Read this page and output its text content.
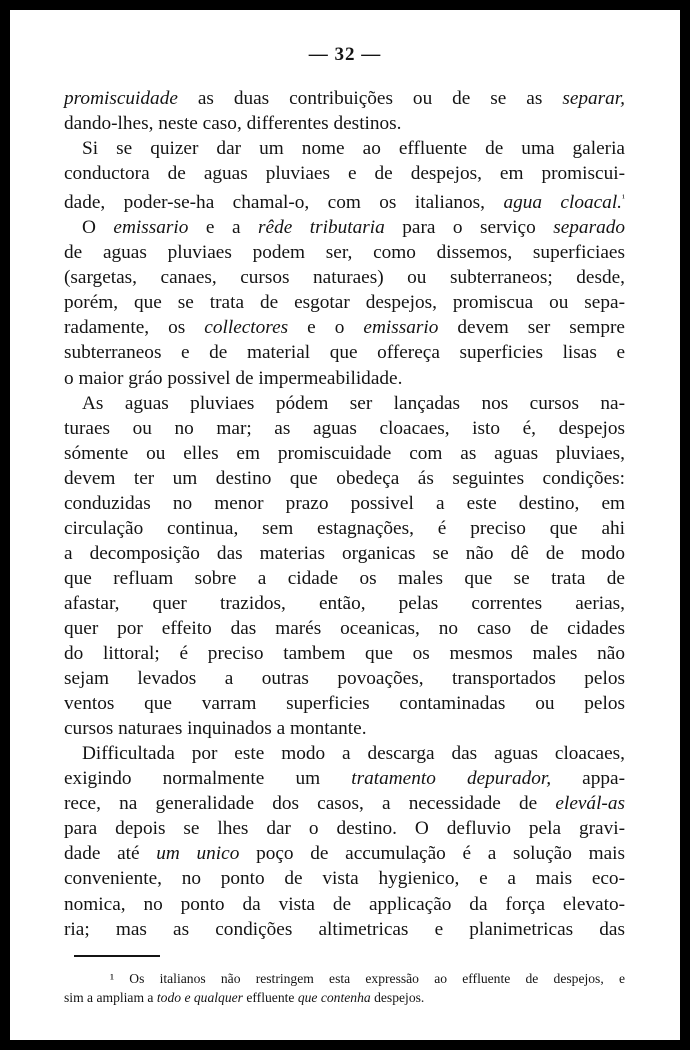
— 32 —
promiscuidade as duas contribuições ou de se as separar,
dando-lhes, neste caso, differentes destinos.
Si se quizer dar um nome ao effluente de uma galeria
conductora de aguas pluviaes e de despejos, em promiscui-
dade, poder-se-ha chamal-o, com os italianos, agua cloacal.$^{^1}$
O emissario e a rêde tributaria para o serviço separado
de aguas pluviaes podem ser, como dissemos, superficiaes
(sargetas, canaes, cursos naturaes) ou subterraneos; desde,
porém, que se trata de esgotar despejos, promiscua ou sepa-
radamente, os collectores e o emissario devem ser sempre
subterraneos e de material que offereça superficies lisas e
o maior gráo possivel de impermeabilidade.
As aguas pluviaes pódem ser lançadas nos cursos na-
turaes ou no mar; as aguas cloacaes, isto é, despejos
sómente ou elles em promiscuidade com as aguas pluviaes,
devem ter um destino que obedeça ás seguintes condições:
conduzidas no menor prazo possivel a este destino, em
circulação continua, sem estagnações, é preciso que ahi
a decomposição das materias organicas se não dê de modo
que refluam sobre a cidade os males que se trata de
afastar, quer trazidos, então, pelas correntes aerias,
quer por effeito das marés oceanicas, no caso de cidades
do littoral; é preciso tambem que os mesmos males não
sejam levados a outras povoações, transportados pelos
ventos que varram superficies contaminadas ou pelos
cursos naturaes inquinados a montante.
Difficultada por este modo a descarga das aguas cloacaes,
exigindo normalmente um tratamento depurador, appa-
rece, na generalidade dos casos, a necessidade de elevál-as
para depois se lhes dar o destino. O defluvio pela gravi-
dade até um unico poço de accumulação é a solução mais
conveniente, no ponto de vista hygienico, e a mais eco-
nomica, no ponto da vista de applicação da força elevato-
ria; mas as condições altimetricas e planimetricas das
¹ Os italianos não restringem esta expressão ao effluente de despejos, e
sim a ampliam a todo e qualquer effluente que contenha despejos.
